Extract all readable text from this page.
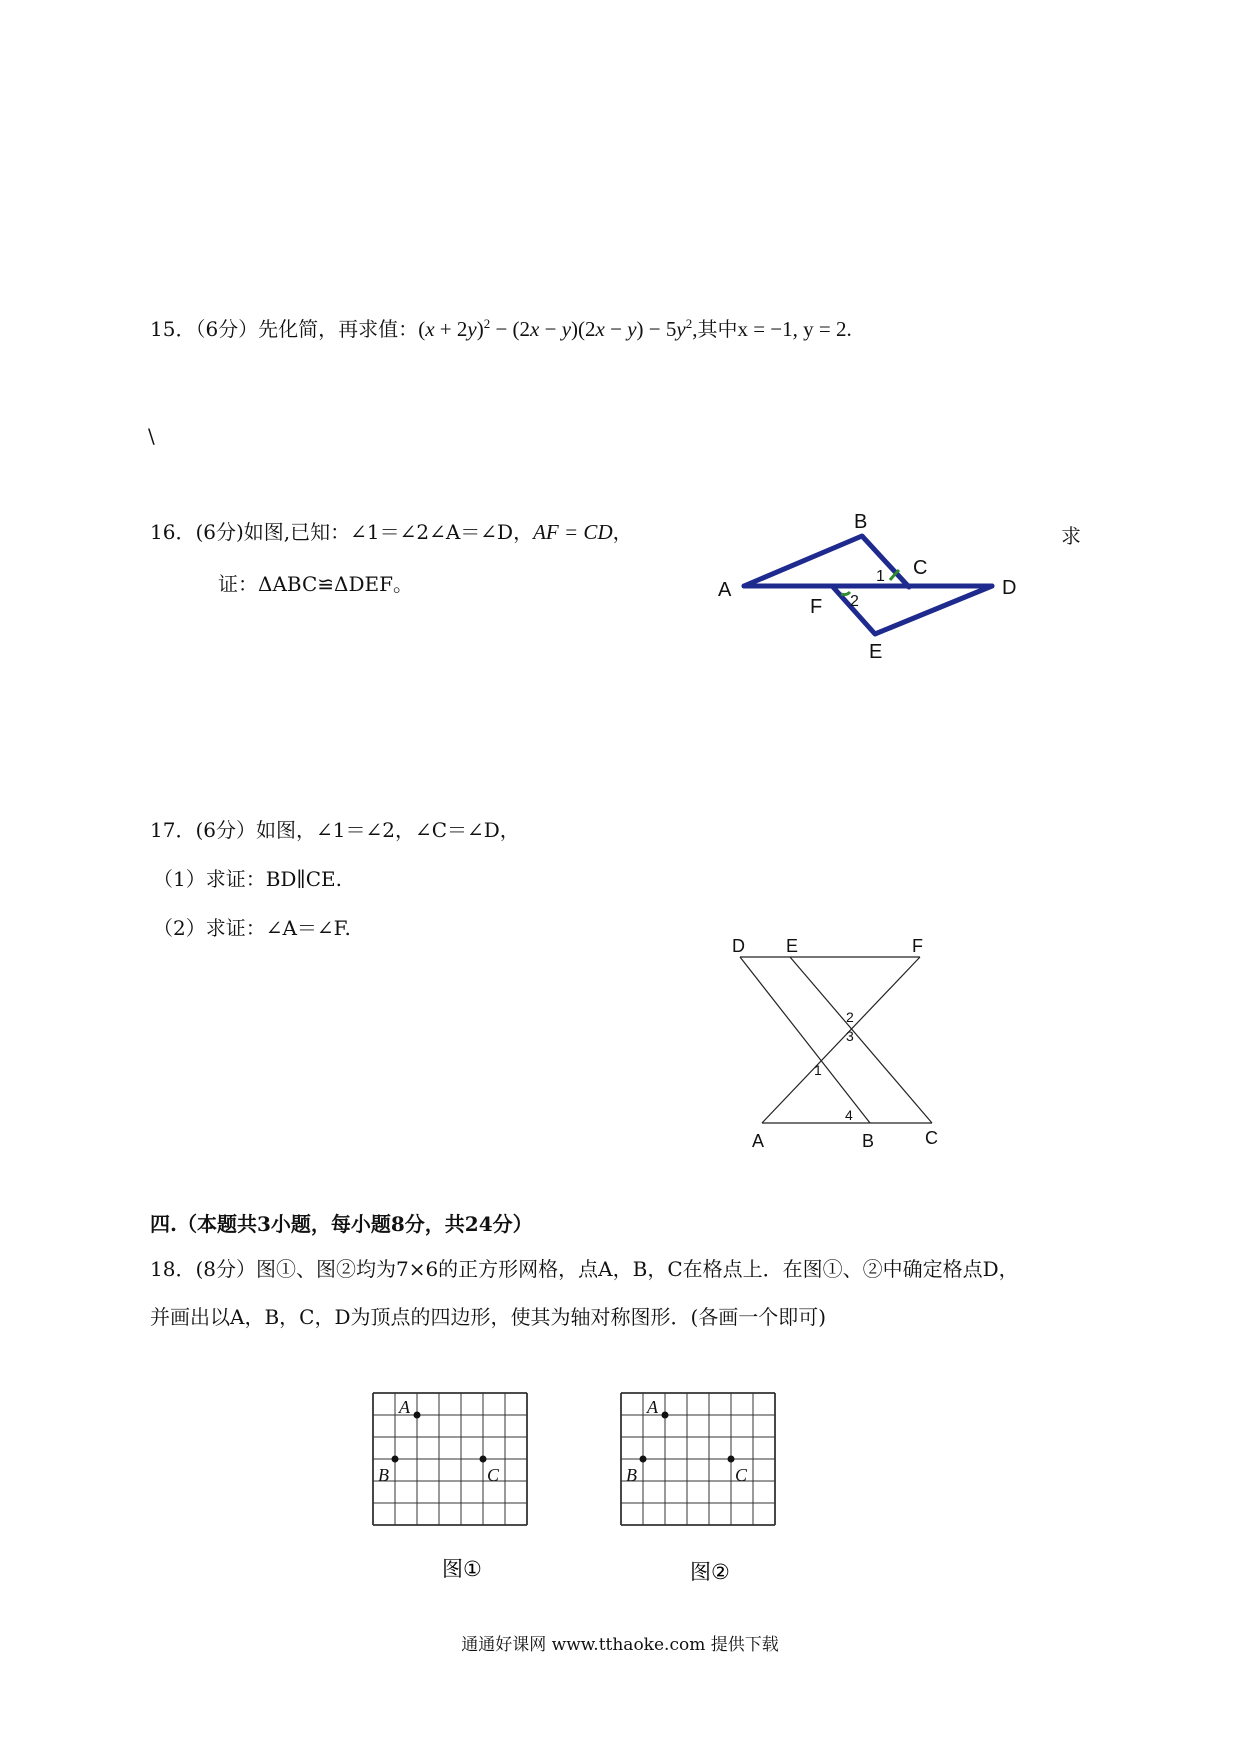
15．（6分）先化简，再求值：$(x + 2y)^2 - (2x - y)(2x - y) - 5y^2$,其中x = −1, y = 2.
\
16．(6分)如图,已知：∠1＝∠2∠A＝∠D，AF = CD，	求
证：ΔABC≌ΔDEF。
B
C
A	D
F
E
1
2
17．(6分）如图，∠1＝∠2，∠C＝∠D，
（1）求证：BD∥CE.
（2）求证：∠A＝∠F.
D E	F
A	B	C
2
3
1
4
四.（本题共3小题，每小题8分，共24分）
18．(8分）图①、图②均为7×6的正方形网格，点A，B，C在格点上．在图①、②中确定格点D，
并画出以A，B，C，D为顶点的四边形，使其为轴对称图形．(各画一个即可)
A
B	C
图①
A
B	C
图②
通通好课网 www.tthaoke.com 提供下载
